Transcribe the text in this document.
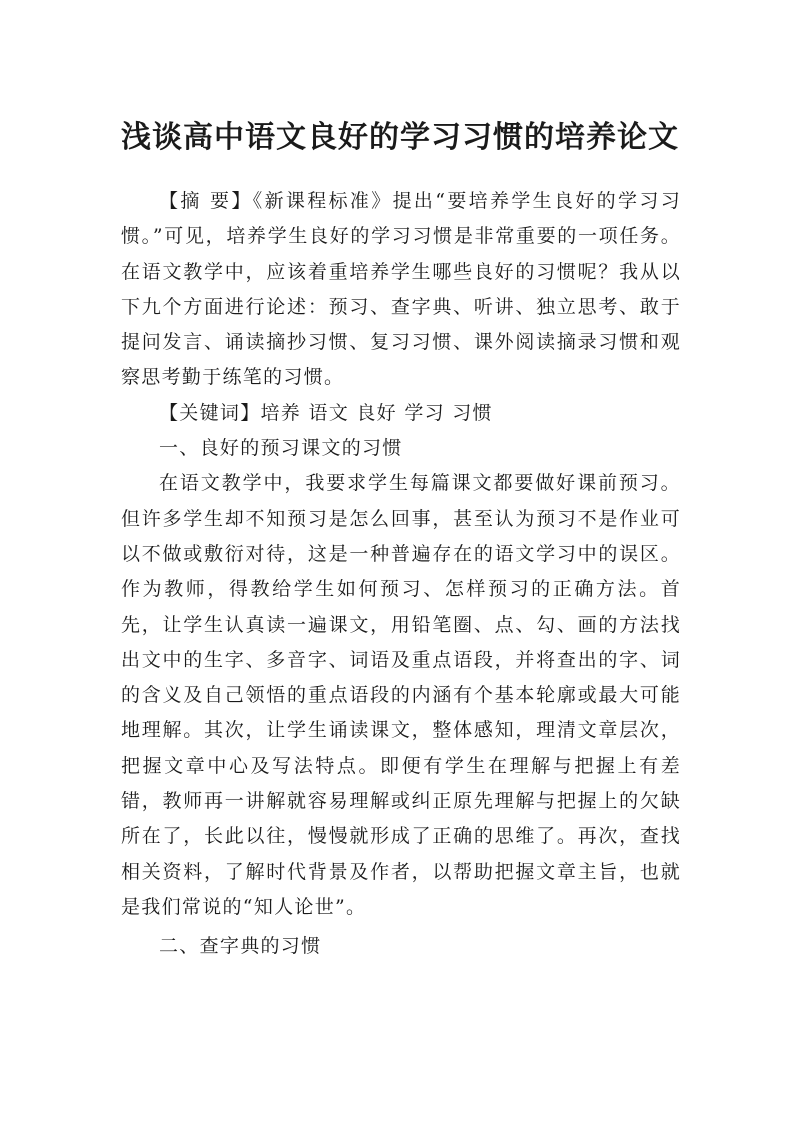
浅谈高中语文良好的学习习惯的培养论文

【摘 要】《新课程标准》提出“要培养学生良好的学习习惯。”可见，培养学生良好的学习习惯是非常重要的一项任务。在语文教学中，应该着重培养学生哪些良好的习惯呢？我从以下九个方面进行论述：预习、查字典、听讲、独立思考、敢于提问发言、诵读摘抄习惯、复习习惯、课外阅读摘录习惯和观察思考勤于练笔的习惯。

【关键词】培养 语文 良好 学习 习惯

一、良好的预习课文的习惯

在语文教学中，我要求学生每篇课文都要做好课前预习。但许多学生却不知预习是怎么回事，甚至认为预习不是作业可以不做或敷衍对待，这是一种普遍存在的语文学习中的误区。作为教师，得教给学生如何预习、怎样预习的正确方法。首先，让学生认真读一遍课文，用铅笔圈、点、勾、画的方法找出文中的生字、多音字、词语及重点语段，并将查出的字、词的含义及自己领悟的重点语段的内涵有个基本轮廓或最大可能地理解。其次，让学生诵读课文，整体感知，理清文章层次，把握文章中心及写法特点。即便有学生在理解与把握上有差错，教师再一讲解就容易理解或纠正原先理解与把握上的欠缺所在了，长此以往，慢慢就形成了正确的思维了。再次，查找相关资料，了解时代背景及作者，以帮助把握文章主旨，也就是我们常说的“知人论世”。

二、查字典的习惯
